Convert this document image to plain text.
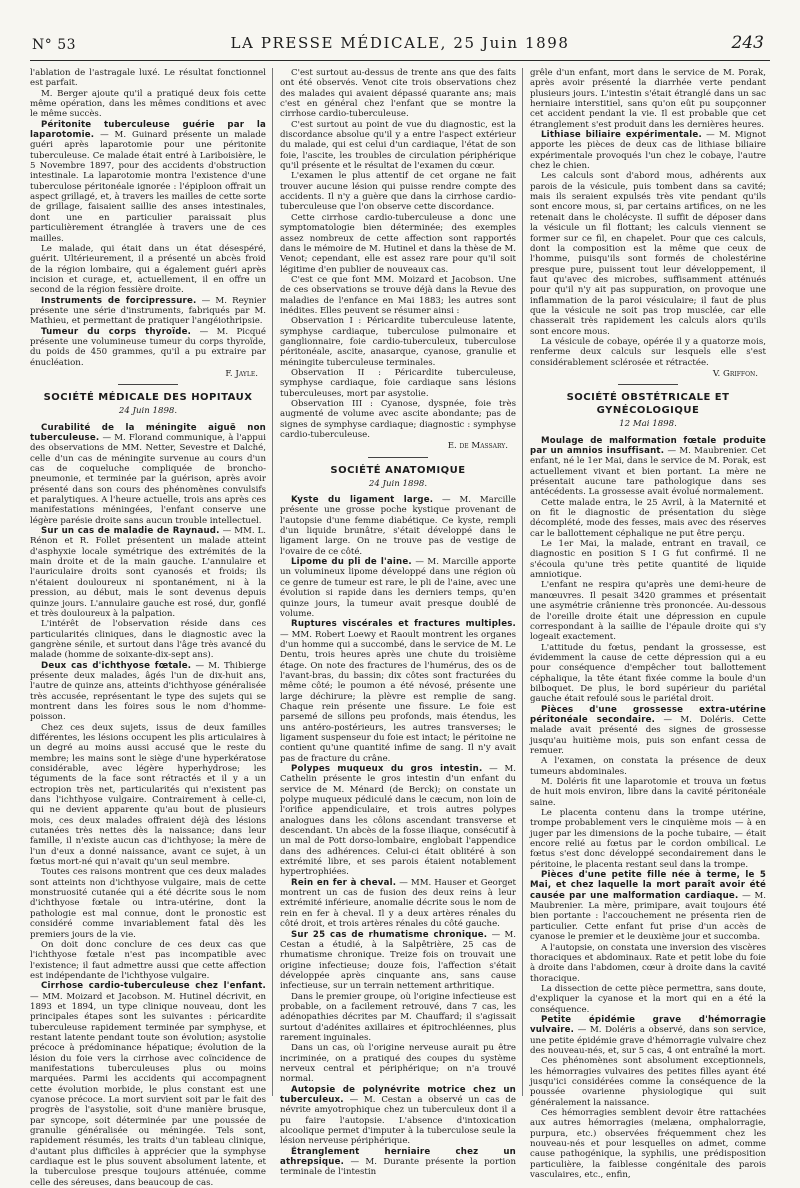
N° 53	LA PRESSE MÉDICALE, 25 Juin 1898	243

l'ablation de l'astragale luxé. Le résultat fonctionnel est parfait.

M. Berger ajoute qu'il a pratiqué deux fois cette même opération, dans les mêmes conditions et avec le même succès.

Péritonite tuberculeuse guérie par la laparotomie. — M. Guinard présente un malade guéri après laparotomie pour une péritonite tuberculeuse. Ce malade était entré à Lariboisière, le 5 Novembre 1897, pour des accidents d'obstruction intestinale. La laparotomie montra l'existence d'une tuberculose péritonéale ignorée : l'épiploon offrait un aspect grillagé, et, à travers les mailles de cette sorte de grillage, faisaient saillie des anses intestinales, dont une en particulier paraissait plus particulièrement étranglée à travers une de ces mailles.

Le malade, qui était dans un état désespéré, guérit. Ultérieurement, il a présenté un abcès froid de la région lombaire, qui a également guéri après incision et curage, et, actuellement, il en offre un second de la région fessière droite.

Instruments de forcipressure. — M. Reynier présente une série d'instruments, fabriqués par M. Mathieu, et permettant de pratiquer l'angéiothripsie.

Tumeur du corps thyroïde. — M. Picqué présente une volumineuse tumeur du corps thyroïde, du poids de 450 grammes, qu'il a pu extraire par énucléation.

F. Jayle.
SOCIÉTÉ MÉDICALE DES HOPITAUX
24 Juin 1898.

Curabilité de la méningite aiguë non tuberculeuse. — M. Florand communique, à l'appui des observations de MM. Netter, Sevestre et Dalché, celle d'un cas de méningite survenue au cours d'un cas de coqueluche compliquée de broncho-pneumonie, et terminée par la guérison, après avoir présenté dans son cours des phénomènes convulsifs et paralytiques. A l'heure actuelle, trois ans après ces manifestations méningées, l'enfant conserve une légère parésie droite sans aucun trouble intellectuel.

Sur un cas de maladie de Raynaud. — MM. L. Rénon et R. Follet présentent un malade atteint d'asphyxie locale symétrique des extrémités de la main droite et de la main gauche. L'annulaire et l'auriculaire droits sont cyanosés et froids; ils n'étaient douloureux ni spontanément, ni à la pression, au début, mais le sont devenus depuis quinze jours. L'annulaire gauche est rosé, dur, gonflé et très douloureux à la palpation.

L'intérêt de l'observation réside dans ces particularités cliniques, dans le diagnostic avec la gangrène sénile, et surtout dans l'âge très avancé du malade (homme de soixante-dix-sept ans).

Deux cas d'ichthyose fœtale. — M. Thibierge présente deux malades, âgés l'un de dix-huit ans, l'autre de quinze ans, atteints d'ichthyose généralisée très accusée, représentant le type des sujets qui se montrent dans les foires sous le nom d'homme-poisson.

Chez ces deux sujets, issus de deux familles différentes, les lésions occupent les plis articulaires à un degré au moins aussi accusé que le reste du membre; les mains sont le siège d'une hyperkératose considérable, avec légère hyperhydrose; les téguments de la face sont rétractés et il y a un ectropion très net, particularités qui n'existent pas dans l'ichthyose vulgaire. Contrairement à celle-ci, qui ne devient apparente qu'au bout de plusieurs mois, ces deux malades offraient déjà des lésions cutanées très nettes dès la naissance; dans leur famille, il n'existe aucun cas d'ichthyose; la mère de l'un d'eux a donné naissance, avant ce sujet, à un fœtus mort-né qui n'avait qu'un seul membre.

Toutes ces raisons montrent que ces deux malades sont atteints non d'ichthyose vulgaire, mais de cette monstruosité cutanée qui a été décrite sous le nom d'ichthyose fœtale ou intra-utérine, dont la pathologie est mal connue, dont le pronostic est considéré comme invariablement fatal dès les premiers jours de la vie.

On doit donc conclure de ces deux cas que l'ichthyose fœtale n'est pas incompatible avec l'existence; il faut admettre aussi que cette affection est indépendante de l'ichthyose vulgaire.

Cirrhose cardio-tuberculeuse chez l'enfant. — MM. Moizard et Jacobson. M. Hutinel décrivit, en 1893 et 1894, un type clinique nouveau, dont les principales étapes sont les suivantes : péricardite tuberculeuse rapidement terminée par symphyse, et restant latente pendant toute son évolution; asystolie précoce à prédominance hépatique; évolution de la lésion du foie vers la cirrhose avec coïncidence de manifestations tuberculeuses plus ou moins marquées. Parmi les accidents qui accompagnent cette évolution morbide, le plus constant est une cyanose précoce. La mort survient soit par le fait des progrès de l'asystolie, soit d'une manière brusque, par syncope, soit déterminée par une poussée de granulie généralisée ou méningée. Tels sont, rapidement résumés, les traits d'un tableau clinique, d'autant plus difficiles à apprécier que la symphyse cardiaque est le plus souvent absolument latente, et la tuberculose presque toujours atténuée, comme celle des séreuses, dans beaucoup de cas.

C'est surtout au-dessus de trente ans que des faits ont été observés. Venot cite trois observations chez des malades qui avaient dépassé quarante ans; mais c'est en général chez l'enfant que se montre la cirrhose cardio-tuberculeuse.

C'est surtout au point de vue du diagnostic, est la discordance absolue qu'il y a entre l'aspect extérieur du malade, qui est celui d'un cardiaque, l'état de son foie, l'ascite, les troubles de circulation périphérique qu'il présente et le résultat de l'examen du cœur.

L'examen le plus attentif de cet organe ne fait trouver aucune lésion qui puisse rendre compte des accidents. Il n'y a guère que dans la cirrhose cardio-tuberculeuse que l'on observe cette discordance.

Cette cirrhose cardio-tuberculeuse a donc une symptomatologie bien déterminée; des exemples assez nombreux de cette affection sont rapportés dans le mémoire de M. Hutinel et dans la thèse de M. Venot; cependant, elle est assez rare pour qu'il soit légitime d'en publier de nouveaux cas.

C'est ce que font MM. Moizard et Jacobson. Une de ces observations se trouve déjà dans la Revue des maladies de l'enfance en Mai 1883; les autres sont inédites. Elles peuvent se résumer ainsi :

Observation I : Péricardite tuberculeuse latente, symphyse cardiaque, tuberculose pulmonaire et ganglionnaire, foie cardio-tuberculeux, tuberculose péritonéale, ascite, anasarque, cyanose, granulie et méningite tuberculeuse terminales.

Observation II : Péricardite tuberculeuse, symphyse cardiaque, foie cardiaque sans lésions tuberculeuses, mort par asystolie.

Observation III : Cyanose, dyspnée, foie très augmenté de volume avec ascite abondante; pas de signes de symphyse cardiaque; diagnostic : symphyse cardio-tuberculeuse.

E. de Massary.
SOCIÉTÉ ANATOMIQUE
24 Juin 1898.

Kyste du ligament large. — M. Marcille présente une grosse poche kystique provenant de l'autopsie d'une femme diabétique. Ce kyste, rempli d'un liquide brunâtre, s'était développé dans le ligament large. On ne trouve pas de vestige de l'ovaire de ce côté.

Lipome du pli de l'aine. — M. Marcille apporte un volumineux lipome développé dans une région où ce genre de tumeur est rare, le pli de l'aine, avec une évolution si rapide dans les derniers temps, qu'en quinze jours, la tumeur avait presque doublé de volume.

Ruptures viscérales et fractures multiples. — MM. Robert Loewy et Raoult montrent les organes d'un homme qui a succombé, dans le service de M. Le Dentu, trois heures après une chute du troisième étage. On note des fractures de l'humérus, des os de l'avant-bras, du bassin; dix côtes sont fracturées du même côté; le poumon a été névosé, présente une large déchirure; la plèvre est remplie de sang. Chaque rein présente une fissure. Le foie est parsemé de sillons peu profonds, mais étendus, les uns antéro-postérieurs, les autres transverses; le ligament suspenseur du foie est intact; le péritoine ne contient qu'une quantité infime de sang. Il n'y avait pas de fracture du crâne.

Polypes muqueux du gros intestin. — M. Cathelin présente le gros intestin d'un enfant du service de M. Ménard (de Berck); on constate un polype muqueux pédiculé dans le cæcum, non loin de l'orifice appendiculaire, et trois autres polypes analogues dans les côlons ascendant transverse et descendant. Un abcès de la fosse iliaque, consécutif à un mal de Pott dorso-lombaire, englobait l'appendice dans des adhérences. Celui-ci était oblitéré à son extrémité libre, et ses parois étaient notablement hypertrophiées.

Rein en fer à cheval. — MM. Hauser et Georget montrent un cas de fusion des deux reins à leur extrémité inférieure, anomalie décrite sous le nom de rein en fer à cheval. Il y a deux artères rénales du côté droit, et trois artères rénales du côté gauche.

Sur 25 cas de rhumatisme chronique. — M. Cestan a étudié, à la Salpêtrière, 25 cas de rhumatisme chronique. Treize fois on trouvait une origine infectieuse; douze fois, l'affection s'était développée après cinquante ans, sans cause infectieuse, sur un terrain nettement arthritique.

Dans le premier groupe, où l'origine infectieuse est probable, on a facilement retrouvé, dans 7 cas, les adénopathies décrites par M. Chauffard; il s'agissait surtout d'adénites axillaires et épitrochléennes, plus rarement inguinales.

Dans un cas, où l'origine nerveuse aurait pu être incriminée, on a pratiqué des coupes du système nerveux central et périphérique; on n'a trouvé normal.

Autopsie de polynévrite motrice chez un tuberculeux. — M. Cestan a observé un cas de névrite amyotrophique chez un tuberculeux dont il a pu faire l'autopsie. L'absence d'intoxication alcoolique permet d'imputer à la tuberculose seule la lésion nerveuse périphérique.

Étranglement herniaire chez un athrepsique. — M. Durante présente la portion terminale de l'intestin

grêle d'un enfant, mort dans le service de M. Porak, après avoir présenté la diarrhée verte pendant plusieurs jours. L'intestin s'était étranglé dans un sac herniaire interstitiel, sans qu'on eût pu soupçonner cet accident pendant la vie. Il est probable que cet étranglement s'est produit dans les dernières heures.

Lithiase biliaire expérimentale. — M. Mignot apporte les pièces de deux cas de lithiase biliaire expérimentale provoqués l'un chez le cobaye, l'autre chez le chien.

Les calculs sont d'abord mous, adhérents aux parois de la vésicule, puis tombent dans sa cavité; mais ils seraient expulsés très vite pendant qu'ils sont encore mous, si, par certains artifices, on ne les retenait dans le cholécyste. Il suffit de déposer dans la vésicule un fil flottant; les calculs viennent se former sur ce fil, en chapelet. Pour que ces calculs, dont la composition est la même que ceux de l'homme, puisqu'ils sont formés de cholestérine presque pure, puissent tout leur développement, il faut qu'avec des microbes, suffisamment atténués pour qu'il n'y ait pas suppuration, on provoque une inflammation de la paroi vésiculaire; il faut de plus que la vésicule ne soit pas trop musclée, car elle chasserait très rapidement les calculs alors qu'ils sont encore mous.

La vésicule de cobaye, opérée il y a quatorze mois, renferme deux calculs sur lesquels elle s'est considérablement sclérosée et rétractée.

V. Griffon.
SOCIÉTÉ OBSTÉTRICALE ET GYNÉCOLOGIQUE
12 Mai 1898.

Moulage de malformation fœtale produite par un amnios insuffisant. — M. Maubrenier. Cet enfant, né le 1er Mai, dans le service de M. Porak, est actuellement vivant et bien portant. La mère ne présentait aucune tare pathologique dans ses antécédents. La grossesse avait évolué normalement.

Cette malade entra, le 25 Avril, à la Maternité et on fit le diagnostic de présentation du siège décomplété, mode des fesses, mais avec des réserves car le ballottement céphalique ne put être perçu.

Le 1er Mai, la malade, entrant en travail, ce diagnostic en position S I G fut confirmé. Il ne s'écoula qu'une très petite quantité de liquide amniotique.

L'enfant ne respira qu'après une demi-heure de manœuvres. Il pesait 3420 grammes et présentait une asymétrie crânienne très prononcée. Au-dessous de l'oreille droite était une dépression en cupule correspondant à la saillie de l'épaule droite qui s'y logeait exactement.

L'attitude du fœtus, pendant la grossesse, est évidemment la cause de cette dépression qui a eu pour conséquence d'empêcher tout ballottement céphalique, la tête étant fixée comme la boule d'un bilboquet. De plus, le bord supérieur du pariétal gauche était refoulé sous le pariétal droit.

Pièces d'une grossesse extra-utérine péritonéale secondaire. — M. Doléris. Cette malade avait présenté des signes de grossesse jusqu'au huitième mois, puis son enfant cessa de remuer.

A l'examen, on constata la présence de deux tumeurs abdominales.

M. Doléris fit une laparotomie et trouva un fœtus de huit mois environ, libre dans la cavité péritonéale saine.

Le placenta contenu dans la trompe utérine, trompe probablement vers le cinquième mois — à en juger par les dimensions de la poche tubaire, — était encore relié au fœtus par le cordon ombilical. Le fœtus s'est donc développé secondairement dans le péritoine, le placenta restant seul dans la trompe.

Pièces d'une petite fille née à terme, le 5 Mai, et chez laquelle la mort paraît avoir été causée par une malformation cardiaque. — M. Maubrenier. La mère, primipare, avait toujours été bien portante : l'accouchement ne présenta rien de particulier. Cette enfant fut prise d'un accès de cyanose le premier et le deuxième jour et succomba.

A l'autopsie, on constata une inversion des viscères thoraciques et abdominaux. Rate et petit lobe du foie à droite dans l'abdomen, cœur à droite dans la cavité thoracique.

La dissection de cette pièce permettra, sans doute, d'expliquer la cyanose et la mort qui en a été la conséquence.

Petite épidémie grave d'hémorragie vulvaire. — M. Doléris a observé, dans son service, une petite épidémie grave d'hémorragie vulvaire chez des nouveau-nés, et, sur 5 cas, 4 ont entraîné la mort.

Ces phénomènes sont absolument exceptionnels, les hémorragies vulvaires des petites filles ayant été jusqu'ici considérées comme la conséquence de la poussée ovarienne physiologique qui suit généralement la naissance.

Ces hémorragies semblent devoir être rattachées aux autres hémorragies (melæna, omphalorragie, purpura, etc.) observées fréquemment chez les nouveau-nés et pour lesquelles on admet, comme cause pathogénique, la syphilis, une prédisposition particulière, la faiblesse congénitale des parois vasculaires, etc., enfin,
